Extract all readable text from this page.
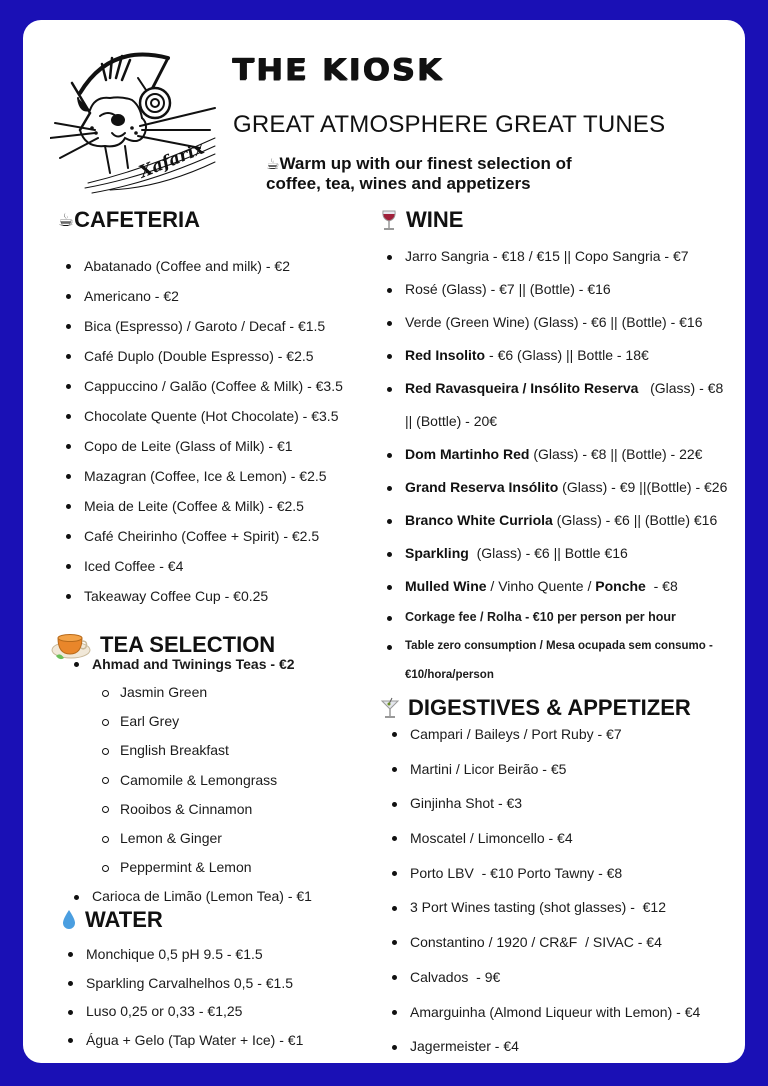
Xafarix
THE KIOSK
GREAT ATMOSPHERE GREAT TUNES
☕Warm up with our finest selection of
coffee, tea, wines and appetizers
☕ CAFETERIA
Abatanado (Coffee and milk) - €2
Americano - €2
Bica (Espresso) / Garoto / Decaf - €1.5
Café Duplo (Double Espresso) - €2.5
Cappuccino / Galão (Coffee & Milk) - €3.5
Chocolate Quente (Hot Chocolate) - €3.5
Copo de Leite (Glass of Milk) - €1
Mazagran (Coffee, Ice & Lemon) - €2.5
Meia de Leite (Coffee & Milk) - €2.5
Café Cheirinho (Coffee + Spirit) - €2.5
Iced Coffee - €4
Takeaway Coffee Cup - €0.25
TEA SELECTION
Ahmad and Twinings Teas - €2
Jasmin Green
Earl Grey
English Breakfast
Camomile & Lemongrass
Rooibos & Cinnamon
Lemon & Ginger
Peppermint & Lemon
Carioca de Limão (Lemon Tea) - €1
WATER
Monchique 0,5 pH 9.5 - €1.5
Sparkling Carvalhelhos 0,5 - €1.5
Luso 0,25 or 0,33 - €1,25
Água + Gelo (Tap Water + Ice) - €1
WINE
Jarro Sangria - €18 / €15 || Copo Sangria - €7
Rosé (Glass) - €7 || (Bottle) - €16
Verde (Green Wine) (Glass) - €6 || (Bottle) - €16
Red Insolito - €6 (Glass) || Bottle - 18€
Red Ravasqueira / Insólito Reserva   (Glass) - €8
|| (Bottle) - 20€
Dom Martinho Red (Glass) - €8 || (Bottle) - 22€
Grand Reserva Insólito (Glass) - €9 ||(Bottle) - €26
Branco White Curriola (Glass) - €6 || (Bottle) €16
Sparkling  (Glass) - €6 || Bottle €16
Mulled Wine / Vinho Quente / Ponche  - €8
Corkage fee / Rolha - €10 per person per hour
Table zero consumption / Mesa ocupada sem consumo -
€10/hora/person
DIGESTIVES & APPETIZER
Campari / Baileys / Port Ruby - €7
Martini / Licor Beirão - €5
Ginjinha Shot - €3
Moscatel / Limoncello - €4
Porto LBV  - €10 Porto Tawny - €8
3 Port Wines tasting (shot glasses) -  €12
Constantino / 1920 / CR&F  / SIVAC - €4
Calvados  - 9€
Amarguinha (Almond Liqueur with Lemon) - €4
Jagermeister - €4
